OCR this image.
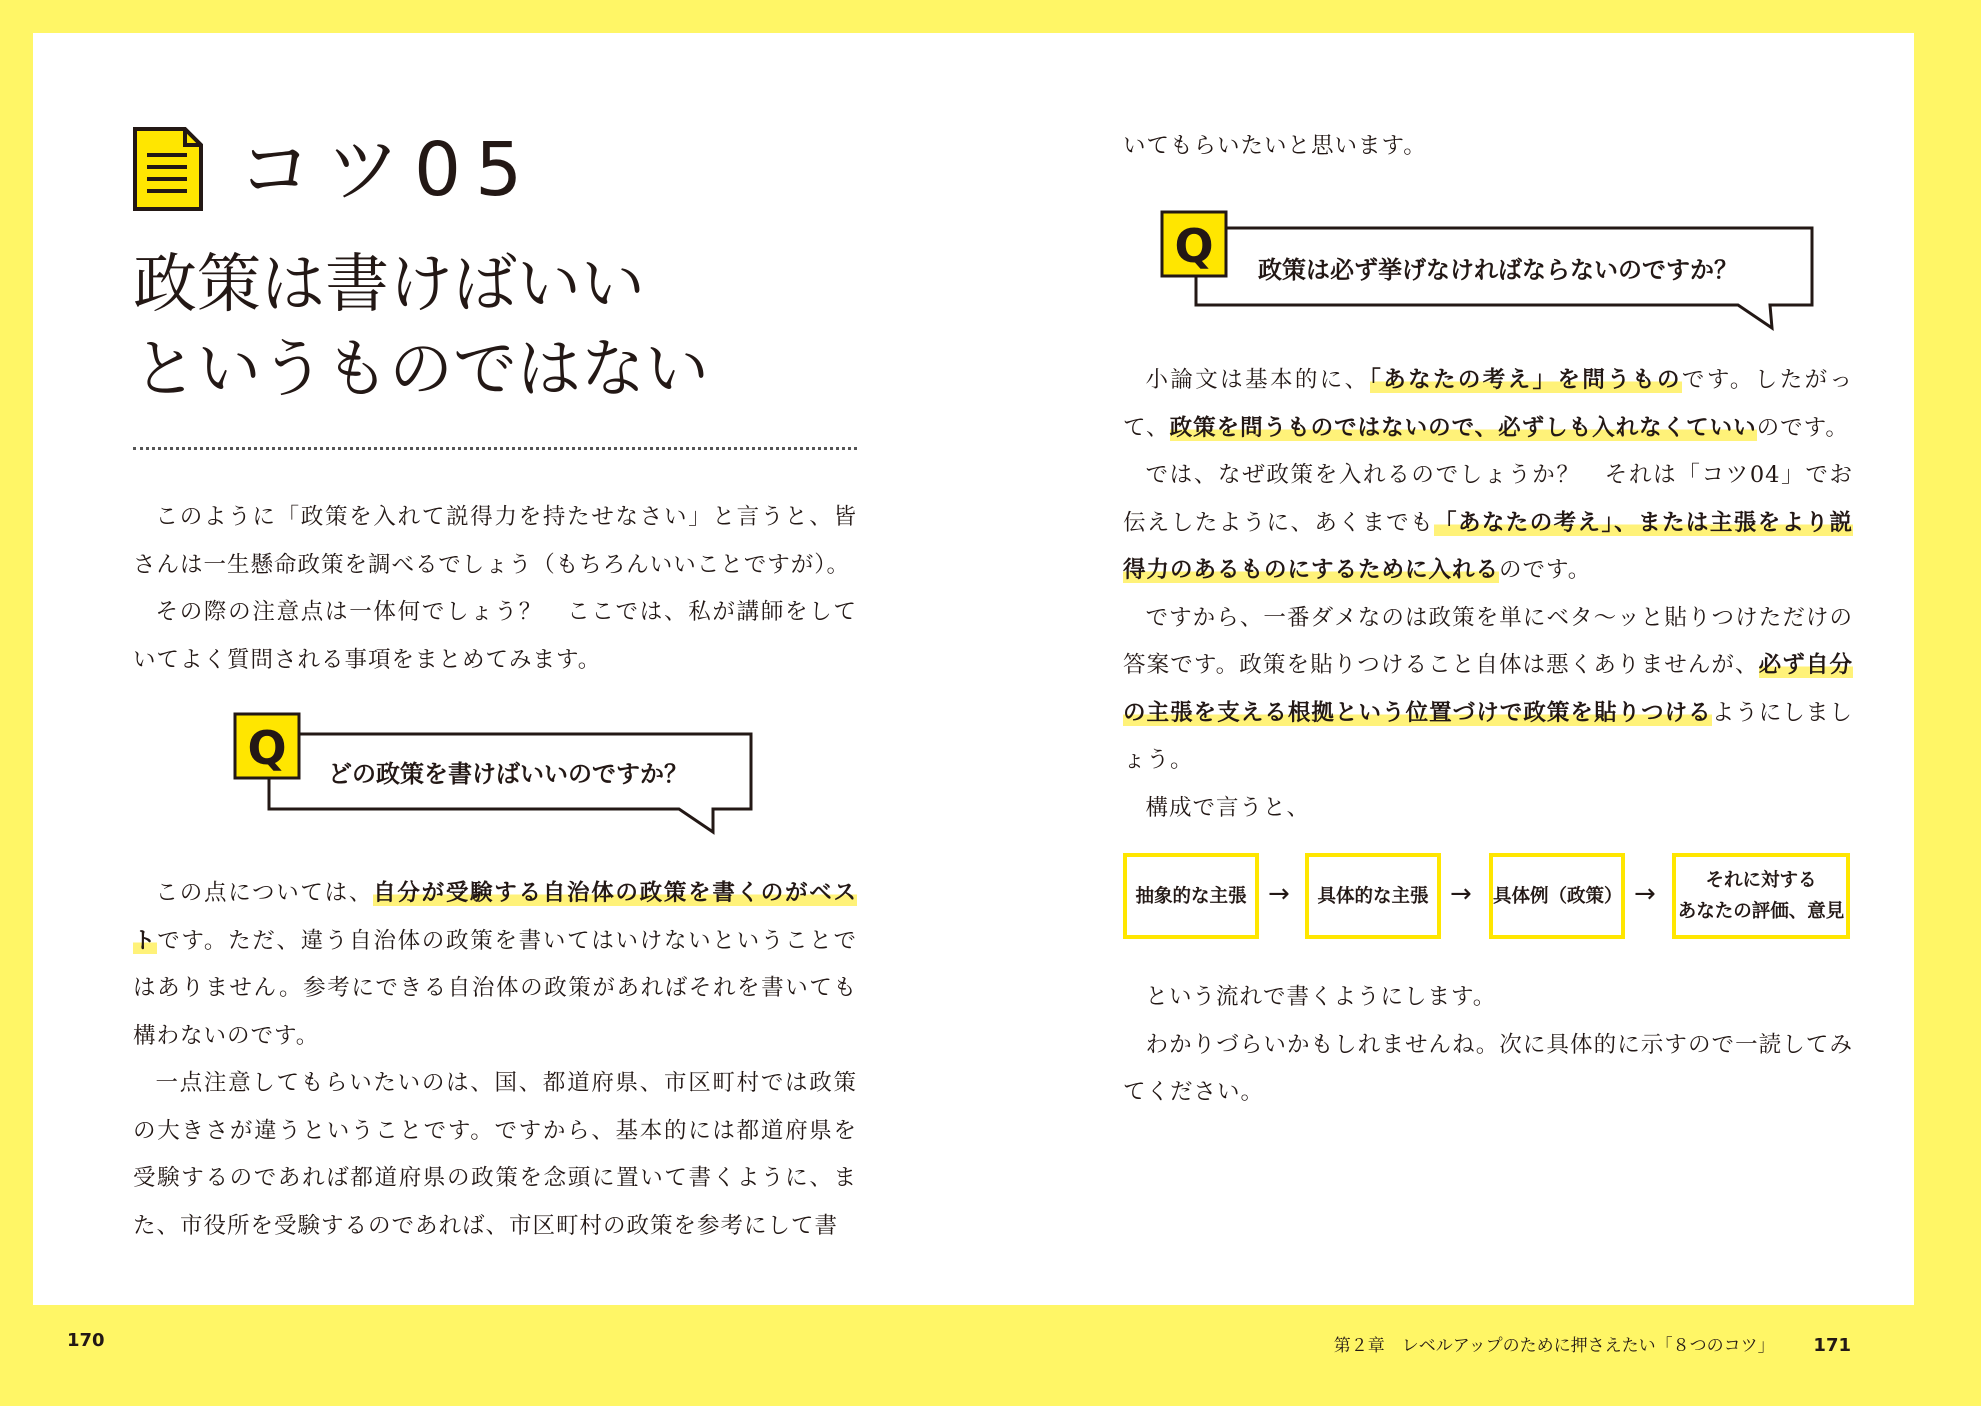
コツ05
政策は書けばいい
というものではない

このように「政策を入れて説得力を持たせなさい」と言うと、皆さんは一生懸命政策を調べるでしょう（もちろんいいことですが）。

その際の注意点は一体何でしょう？　ここでは、私が講師をしていてよく質問される事項をまとめてみます。

Q どの政策を書けばいいのですか？

この点については、自分が受験する自治体の政策を書くのがベストです。ただ、違う自治体の政策を書いてはいけないということではありません。参考にできる自治体の政策があればそれを書いても構わないのです。

一点注意してもらいたいのは、国、都道府県、市区町村では政策の大きさが違うということです。ですから、基本的には都道府県を受験するのであれば都道府県の政策を念頭に置いて書くように、また、市役所を受験するのであれば、市区町村の政策を参考にして書

170

いてもらいたいと思います。

Q 政策は必ず挙げなければならないのですか？

小論文は基本的に、「あなたの考え」を問うものです。したがって、政策を問うものではないので、必ずしも入れなくていいのです。

では、なぜ政策を入れるのでしょうか？　それは「コツ04」でお伝えしたように、あくまでも「あなたの考え」、または主張をより説得力のあるものにするために入れるのです。

ですから、一番ダメなのは政策を単にベタ～ッと貼りつけただけの答案です。政策を貼りつけること自体は悪くありませんが、必ず自分の主張を支える根拠という位置づけで政策を貼りつけるようにしましょう。

構成で言うと、

抽象的な主張 →	具体的な主張 → 具体例（政策） →	それに対する
あなたの評価、意見

という流れで書くようにします。

わかりづらいかもしれませんね。次に具体的に示すので一読してみてください。

第２章　レベルアップのために押さえたい「８つのコツ」 171
